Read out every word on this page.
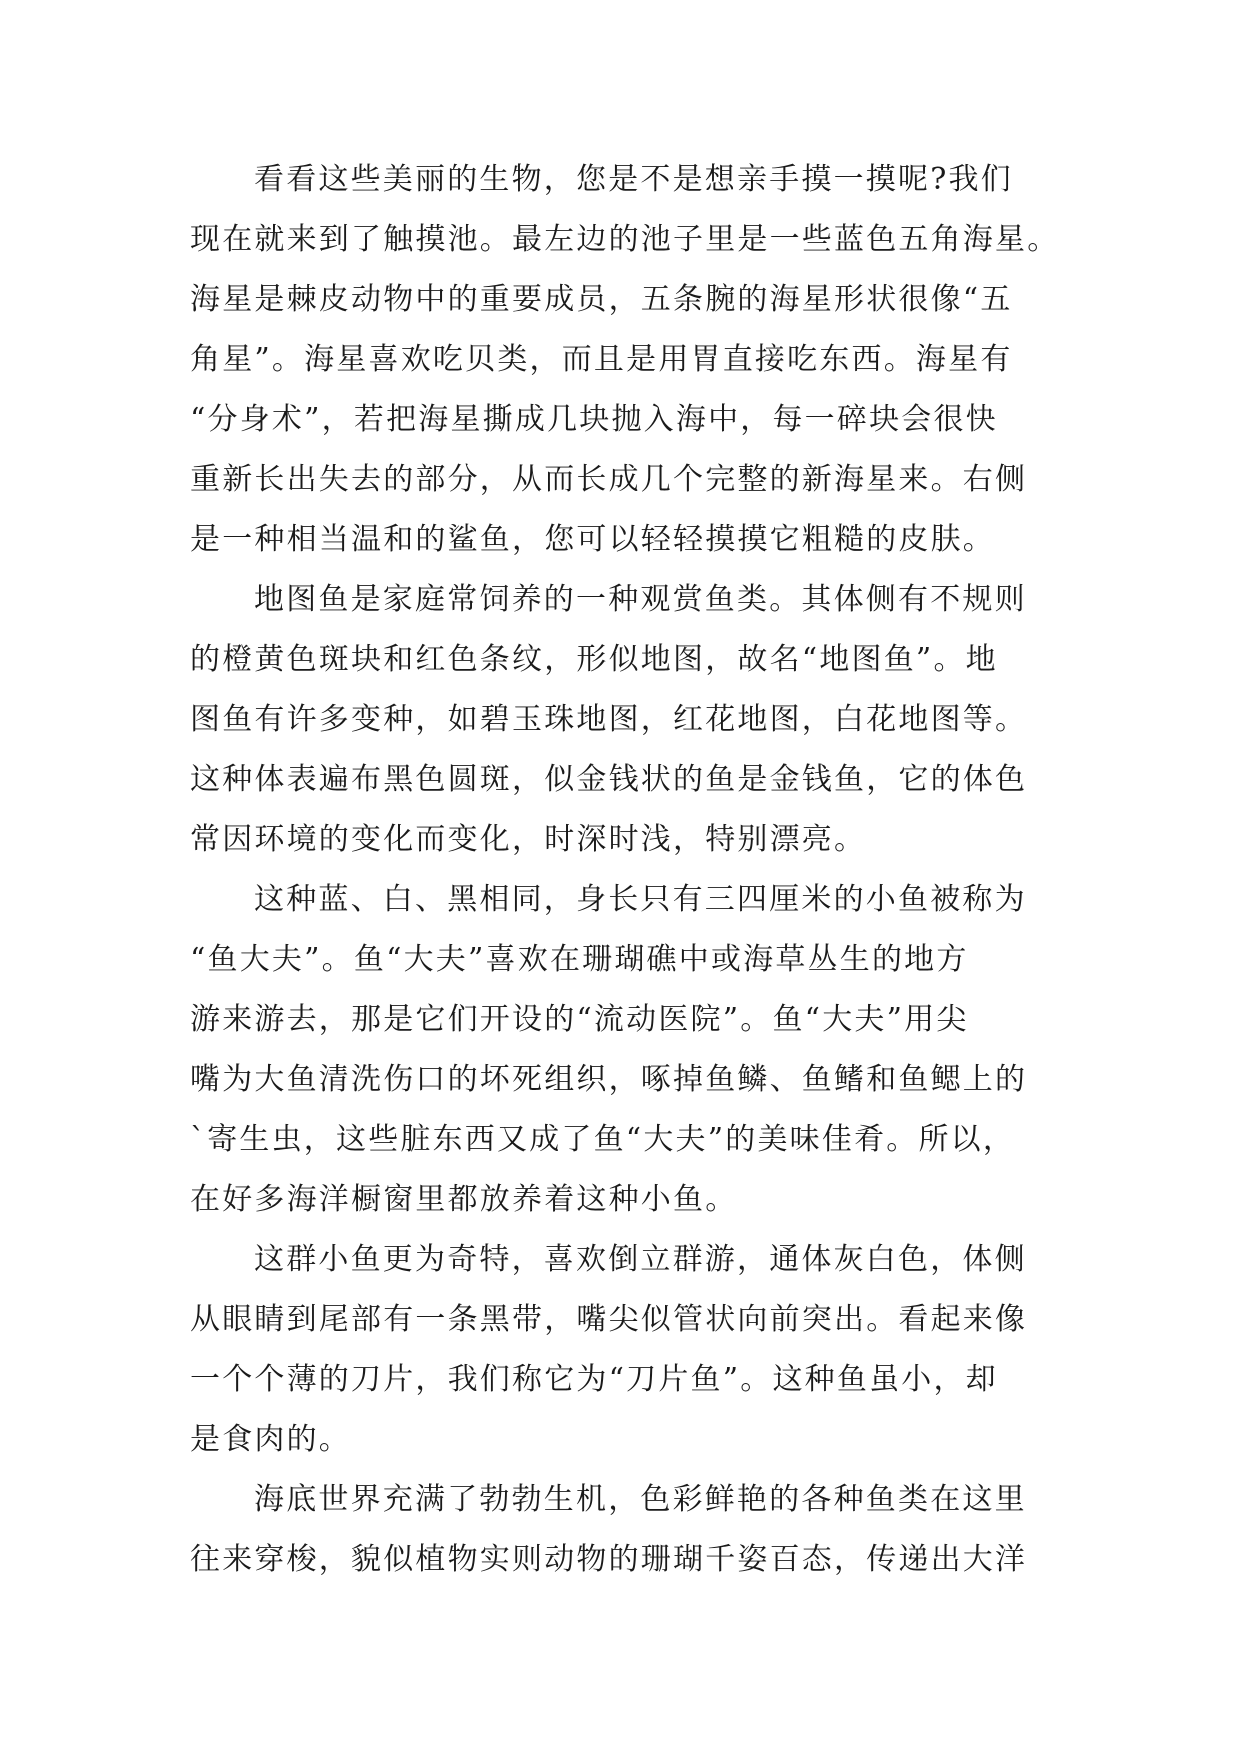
看看这些美丽的生物，您是不是想亲手摸一摸呢?我们
现在就来到了触摸池。最左边的池子里是一些蓝色五角海星。
海星是棘皮动物中的重要成员，五条腕的海星形状很像“五
角星”。海星喜欢吃贝类，而且是用胃直接吃东西。海星有
“分身术”，若把海星撕成几块抛入海中，每一碎块会很快
重新长出失去的部分，从而长成几个完整的新海星来。右侧
是一种相当温和的鲨鱼，您可以轻轻摸摸它粗糙的皮肤。
地图鱼是家庭常饲养的一种观赏鱼类。其体侧有不规则
的橙黄色斑块和红色条纹，形似地图，故名“地图鱼”。地
图鱼有许多变种，如碧玉珠地图，红花地图，白花地图等。
这种体表遍布黑色圆斑，似金钱状的鱼是金钱鱼，它的体色
常因环境的变化而变化，时深时浅，特别漂亮。
这种蓝、白、黑相同，身长只有三四厘米的小鱼被称为
“鱼大夫”。鱼“大夫”喜欢在珊瑚礁中或海草丛生的地方
游来游去，那是它们开设的“流动医院”。鱼“大夫”用尖
嘴为大鱼清洗伤口的坏死组织，啄掉鱼鳞、鱼鳍和鱼鳃上的
`寄生虫，这些脏东西又成了鱼“大夫”的美味佳肴。所以，
在好多海洋橱窗里都放养着这种小鱼。
这群小鱼更为奇特，喜欢倒立群游，通体灰白色，体侧
从眼睛到尾部有一条黑带，嘴尖似管状向前突出。看起来像
一个个薄的刀片，我们称它为“刀片鱼”。这种鱼虽小，却
是食肉的。
海底世界充满了勃勃生机，色彩鲜艳的各种鱼类在这里
往来穿梭，貌似植物实则动物的珊瑚千姿百态，传递出大洋
